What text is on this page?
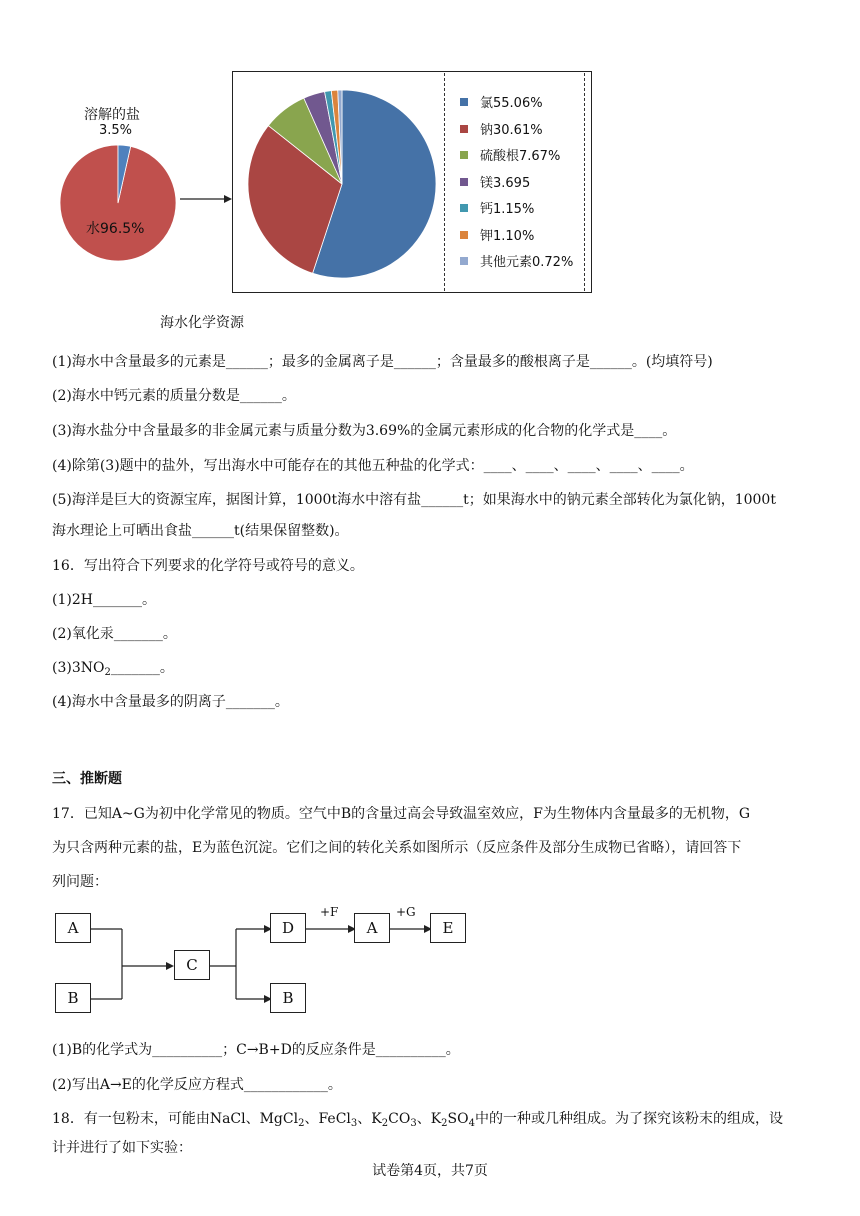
溶解的盐
3.5%
水96.5%
氯55.06%
钠30.61%
硫酸根7.67%
镁3.695
钙1.15%
钾1.10%
其他元素0.72%
海水化学资源
(1)海水中含量最多的元素是______；最多的金属离子是______；含量最多的酸根离子是______。(均填符号)
(2)海水中钙元素的质量分数是______。
(3)海水盐分中含量最多的非金属元素与质量分数为3.69%的金属元素形成的化合物的化学式是____。
(4)除第(3)题中的盐外，写出海水中可能存在的其他五种盐的化学式：____、____、____、____、____。
(5)海洋是巨大的资源宝库，据图计算，1000t海水中溶有盐______t；如果海水中的钠元素全部转化为氯化钠，1000t
海水理论上可晒出食盐______t(结果保留整数)。
16．写出符合下列要求的化学符号或符号的意义。
(1)2H_______。
(2)氧化汞_______。
$(3)3NO_2\_\_\_\_\_\_\_$。
(4)海水中含量最多的阴离子_______。
三、推断题
17．已知A~G为初中化学常见的物质。空气中B的含量过高会导致温室效应，F为生物体内含量最多的无机物，G
为只含两种元素的盐，E为蓝色沉淀。它们之间的转化关系如图所示（反应条件及部分生成物已省略），请回答下
列问题：
A
B
C
D
B
A	E
+F	+G
(1)B的化学式为__________；C→B+D的反应条件是__________。
(2)写出A→E的化学反应方程式____________。
18．有一包粉末，可能由NaCl、MgCl$_2$、FeCl$_3$、$K_2CO_3$、$K_2SO_4$中的一种或几种组成。为了探究该粉末的组成，设
计并进行了如下实验：
试卷第4页，共7页
